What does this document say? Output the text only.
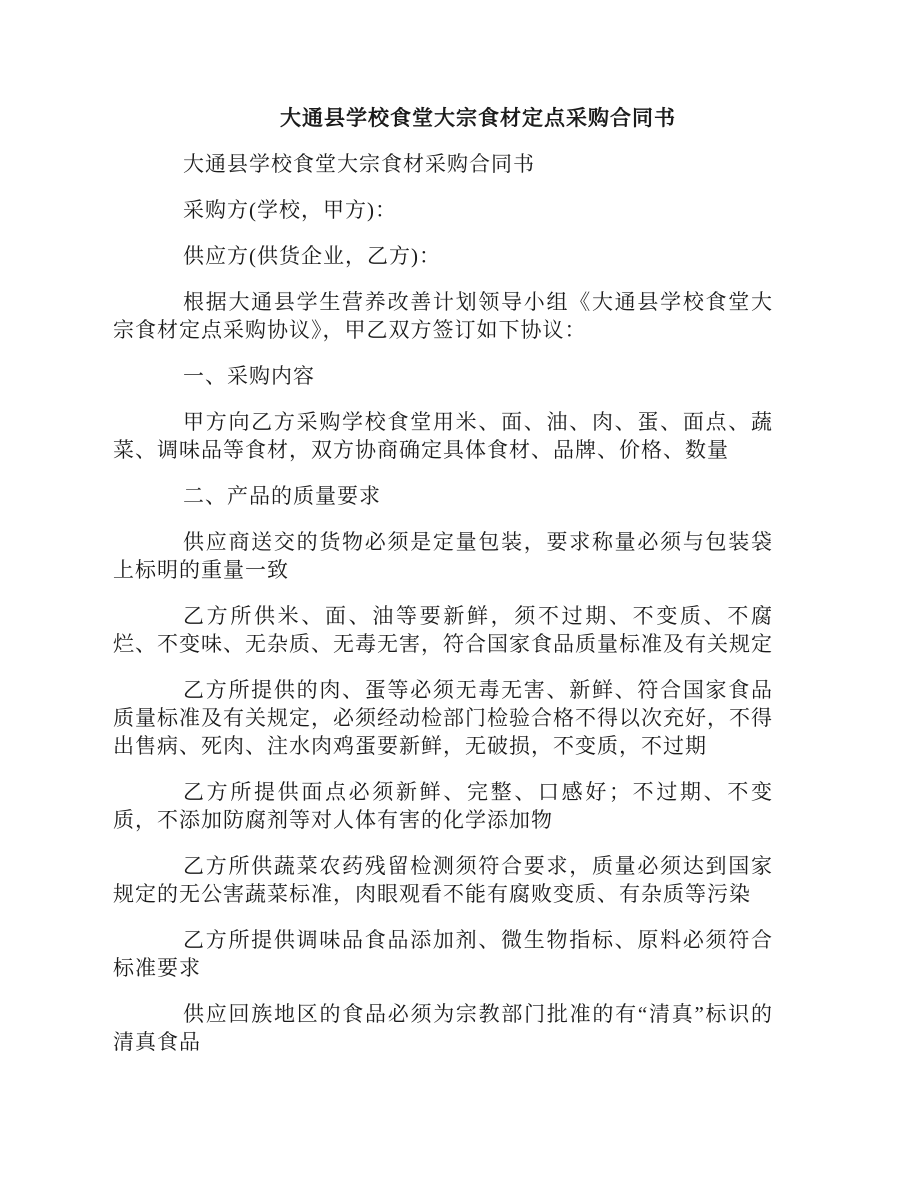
大通县学校食堂大宗食材定点采购合同书

大通县学校食堂大宗食材采购合同书

采购方(学校，甲方)：

供应方(供货企业，乙方)：

根据大通县学生营养改善计划领导小组《大通县学校食堂大宗食材定点采购协议》，甲乙双方签订如下协议：

一、采购内容

甲方向乙方采购学校食堂用米、面、油、肉、蛋、面点、蔬菜、调味品等食材，双方协商确定具体食材、品牌、价格、数量

二、产品的质量要求

供应商送交的货物必须是定量包装，要求称量必须与包装袋上标明的重量一致

乙方所供米、面、油等要新鲜，须不过期、不变质、不腐烂、不变味、无杂质、无毒无害，符合国家食品质量标准及有关规定

乙方所提供的肉、蛋等必须无毒无害、新鲜、符合国家食品质量标准及有关规定，必须经动检部门检验合格不得以次充好，不得出售病、死肉、注水肉鸡蛋要新鲜，无破损，不变质，不过期

乙方所提供面点必须新鲜、完整、口感好；不过期、不变质，不添加防腐剂等对人体有害的化学添加物

乙方所供蔬菜农药残留检测须符合要求，质量必须达到国家规定的无公害蔬菜标准，肉眼观看不能有腐败变质、有杂质等污染

乙方所提供调味品食品添加剂、微生物指标、原料必须符合标准要求

供应回族地区的食品必须为宗教部门批准的有“清真”标识的清真食品
